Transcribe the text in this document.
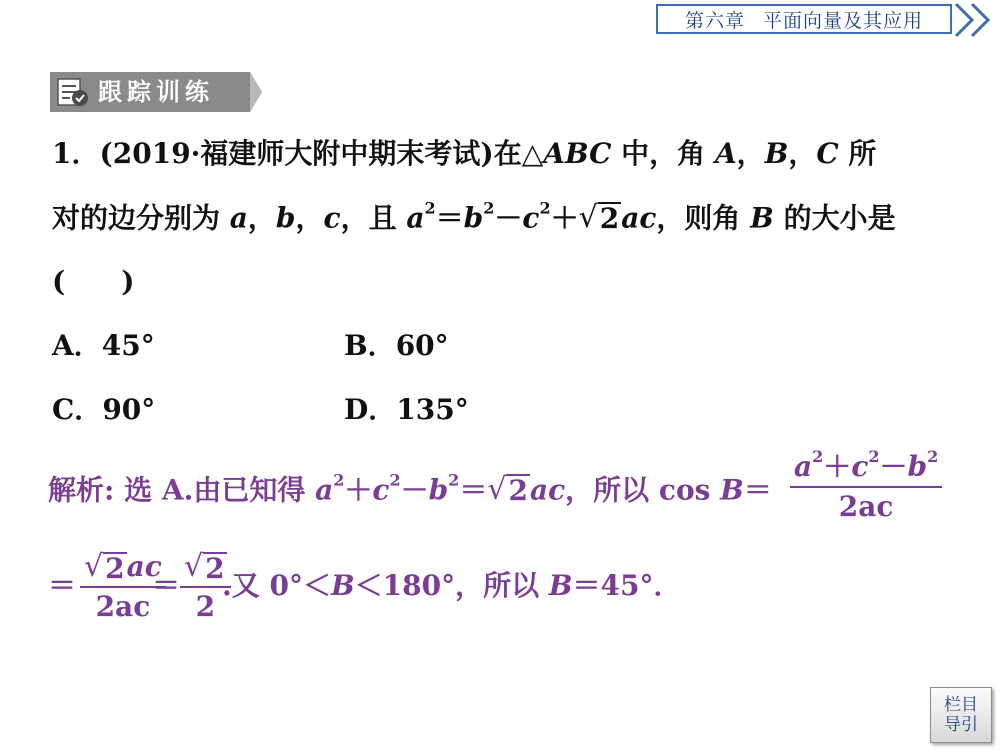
第六章 平面向量及其应用
跟踪训练
1．(2019·福建师大附中期末考试)在△ABC 中，角 A，B，C 所
对的边分别为 a，b，c，且 $a^2=b^2-c^2+$ √ 2 ac，则角 B 的大小是
(　　)
A．45°	B．60°
C．90°	D．135°
解析: 选 A.由已知得 $a^2+c^2-b^2=$ √ 2 ac，所以 $\cos B= \frac{a^2+c^2-b^2}{2ac}$
＝ $\frac{√ 2 ac}{2ac}$
＝ $\frac{√ 2}{2}$
.又 0°＜B＜180°，所以 B＝45°．
栏目
导引
